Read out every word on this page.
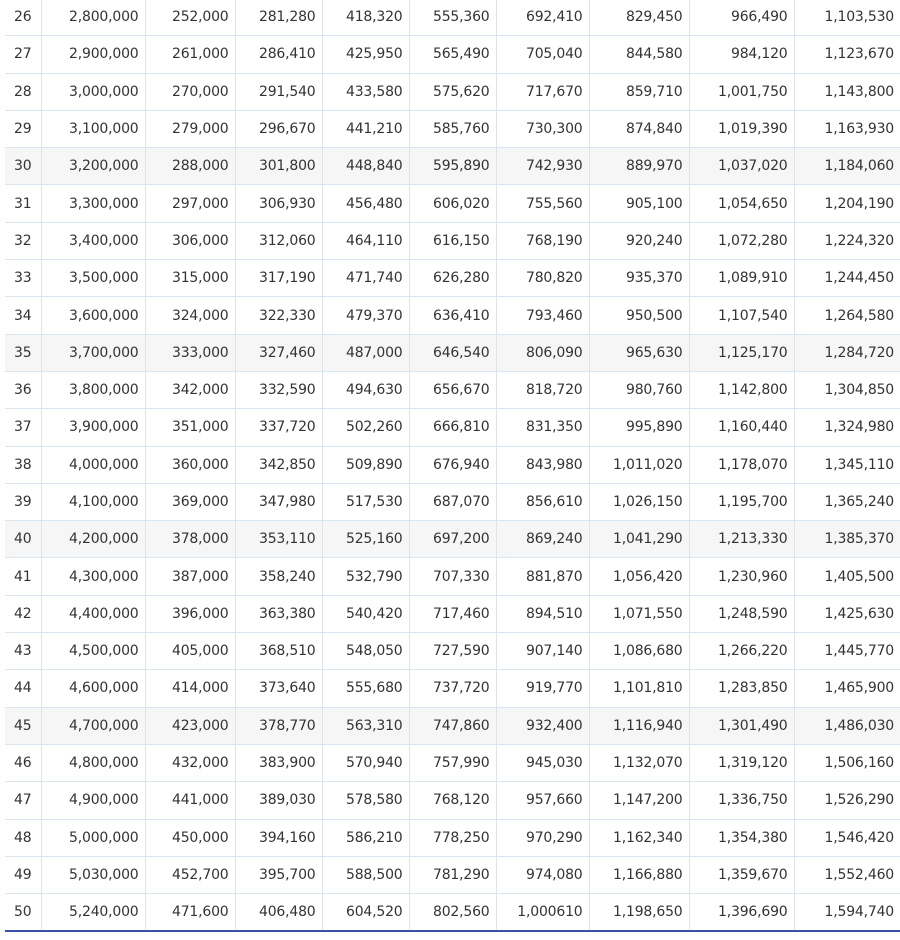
26	2,800,000	252,000	281,280	418,320	555,360	692,410	829,450	966,490	1,103,530
27	2,900,000	261,000	286,410	425,950	565,490	705,040	844,580	984,120	1,123,670
28	3,000,000	270,000	291,540	433,580	575,620	717,670	859,710	1,001,750	1,143,800
29	3,100,000	279,000	296,670	441,210	585,760	730,300	874,840	1,019,390	1,163,930
30	3,200,000	288,000	301,800	448,840	595,890	742,930	889,970	1,037,020	1,184,060
31	3,300,000	297,000	306,930	456,480	606,020	755,560	905,100	1,054,650	1,204,190
32	3,400,000	306,000	312,060	464,110	616,150	768,190	920,240	1,072,280	1,224,320
33	3,500,000	315,000	317,190	471,740	626,280	780,820	935,370	1,089,910	1,244,450
34	3,600,000	324,000	322,330	479,370	636,410	793,460	950,500	1,107,540	1,264,580
35	3,700,000	333,000	327,460	487,000	646,540	806,090	965,630	1,125,170	1,284,720
36	3,800,000	342,000	332,590	494,630	656,670	818,720	980,760	1,142,800	1,304,850
37	3,900,000	351,000	337,720	502,260	666,810	831,350	995,890	1,160,440	1,324,980
38	4,000,000	360,000	342,850	509,890	676,940	843,980	1,011,020	1,178,070	1,345,110
39	4,100,000	369,000	347,980	517,530	687,070	856,610	1,026,150	1,195,700	1,365,240
40	4,200,000	378,000	353,110	525,160	697,200	869,240	1,041,290	1,213,330	1,385,370
41	4,300,000	387,000	358,240	532,790	707,330	881,870	1,056,420	1,230,960	1,405,500
42	4,400,000	396,000	363,380	540,420	717,460	894,510	1,071,550	1,248,590	1,425,630
43	4,500,000	405,000	368,510	548,050	727,590	907,140	1,086,680	1,266,220	1,445,770
44	4,600,000	414,000	373,640	555,680	737,720	919,770	1,101,810	1,283,850	1,465,900
45	4,700,000	423,000	378,770	563,310	747,860	932,400	1,116,940	1,301,490	1,486,030
46	4,800,000	432,000	383,900	570,940	757,990	945,030	1,132,070	1,319,120	1,506,160
47	4,900,000	441,000	389,030	578,580	768,120	957,660	1,147,200	1,336,750	1,526,290
48	5,000,000	450,000	394,160	586,210	778,250	970,290	1,162,340	1,354,380	1,546,420
49	5,030,000	452,700	395,700	588,500	781,290	974,080	1,166,880	1,359,670	1,552,460
50	5,240,000	471,600	406,480	604,520	802,560	1,000610	1,198,650	1,396,690	1,594,740
